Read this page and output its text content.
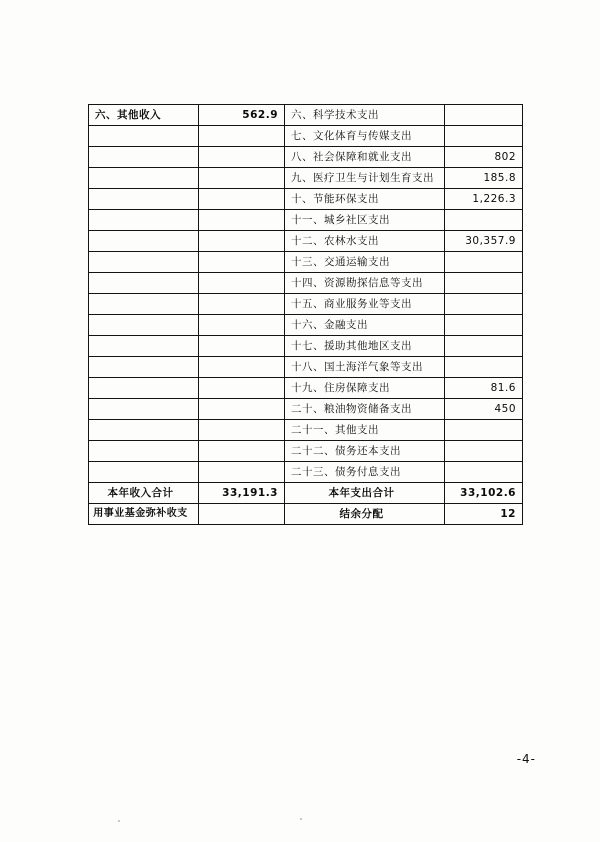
六、其他收入	562.9	六、科学技术支出	
		七、文化体育与传媒支出	
		八、社会保障和就业支出	802
		九、医疗卫生与计划生育支出	185.8
		十、节能环保支出	1,226.3
		十一、城乡社区支出	
		十二、农林水支出	30,357.9
		十三、交通运输支出	
		十四、资源勘探信息等支出	
		十五、商业服务业等支出	
		十六、金融支出	
		十七、援助其他地区支出	
		十八、国土海洋气象等支出	
		十九、住房保障支出	81.6
		二十、粮油物资储备支出	450
		二十一、其他支出	
		二十二、债务还本支出	
		二十三、债务付息支出	
本年收入合计	33,191.3	本年支出合计	33,102.6
用事业基金弥补收支		结余分配	12
-4-
